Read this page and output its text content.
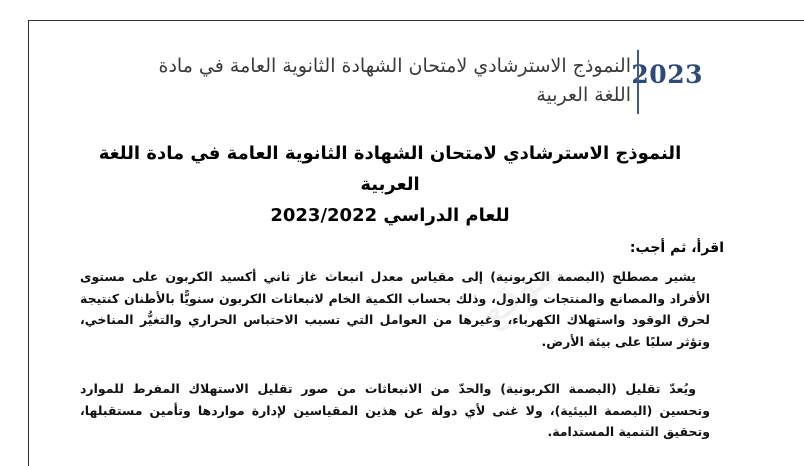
2023
النموذج الاسترشادي لامتحان الشهادة الثانوية العامة في مادة اللغة العربية
النموذج الاسترشادي لامتحان الشهادة الثانوية العامة في مادة اللغة العربية
للعام الدراسي 2023/2022
اقرأ، ثم أجب:
يشير مصطلح (البصمة الكربونية) إلى مقياس معدل انبعاث غاز ثاني أكسيد الكربون على مستوى الأفراد والمصانع والمنتجات والدول، وذلك بحساب الكمية الخام لانبعاثات الكربون سنويًّا بالأطنان كنتيجة لحرق الوقود واستهلاك الكهرباء، وغيرها من العوامل التي تسبب الاحتباس الحراري والتغيُّر المناخي، وتؤثر سلبًا على بيئة الأرض.
ويُعدّ تقليل (البصمة الكربونية) والحدّ من الانبعاثات من صور تقليل الاستهلاك المفرط للموارد وتحسين (البصمة البيئية)، ولا غنى لأي دولة عن هذين المقياسين لإدارة مواردها وتأمين مستقبلها، وتحقيق التنمية المستدامة.
موقع
